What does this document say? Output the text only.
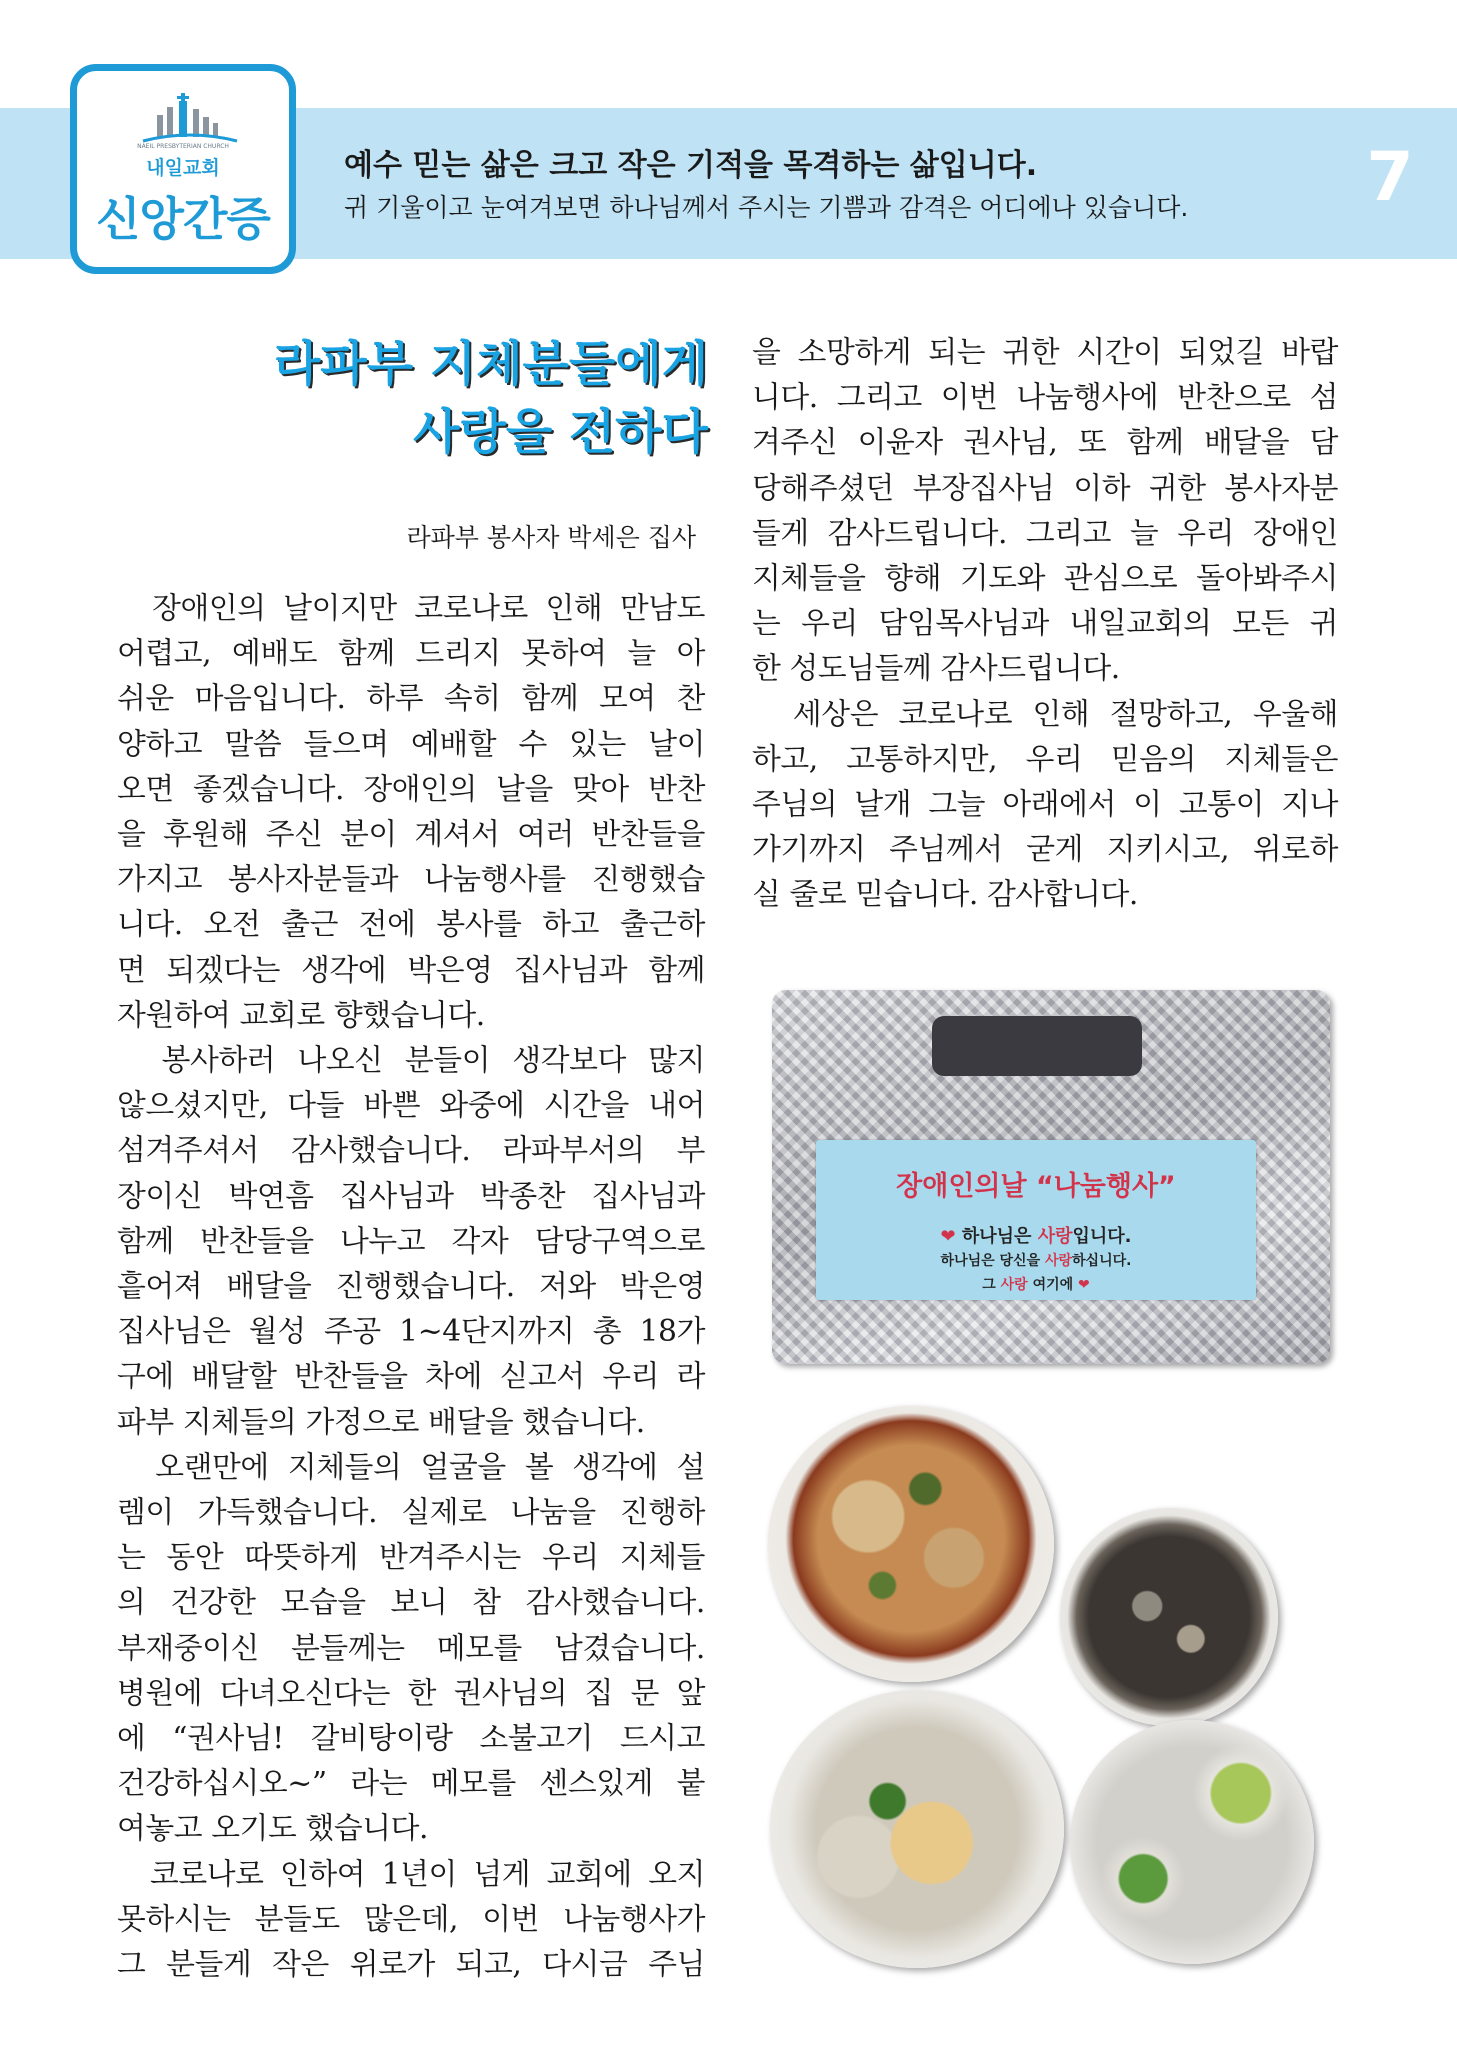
NAEIL PRESBYTERIAN CHURCH
내일교회
신앙간증
예수 믿는 삶은 크고 작은 기적을 목격하는 삶입니다.
귀 기울이고 눈여겨보면 하나님께서 주시는 기쁨과 감격은 어디에나 있습니다.	7
라파부 지체분들에게
사랑을 전하다
라파부 봉사자 박세은 집사

장애인의 날이지만 코로나로 인해 만남도

어렵고, 예배도 함께 드리지 못하여 늘 아

쉬운 마음입니다. 하루 속히 함께 모여 찬

양하고 말씀 들으며 예배할 수 있는 날이

오면 좋겠습니다. 장애인의 날을 맞아 반찬

을 후원해 주신 분이 계셔서 여러 반찬들을

가지고 봉사자분들과 나눔행사를 진행했습

니다. 오전 출근 전에 봉사를 하고 출근하

면 되겠다는 생각에 박은영 집사님과 함께

자원하여 교회로 향했습니다.

봉사하러 나오신 분들이 생각보다 많지

않으셨지만, 다들 바쁜 와중에 시간을 내어

섬겨주셔서 감사했습니다. 라파부서의 부

장이신 박연흠 집사님과 박종찬 집사님과

함께 반찬들을 나누고 각자 담당구역으로

흩어져 배달을 진행했습니다. 저와 박은영

집사님은 월성 주공 1~4단지까지 총 18가

구에 배달할 반찬들을 차에 싣고서 우리 라

파부 지체들의 가정으로 배달을 했습니다.

오랜만에 지체들의 얼굴을 볼 생각에 설

렘이 가득했습니다. 실제로 나눔을 진행하

는 동안 따뜻하게 반겨주시는 우리 지체들

의 건강한 모습을 보니 참 감사했습니다.

부재중이신 분들께는 메모를 남겼습니다.

병원에 다녀오신다는 한 권사님의 집 문 앞

에 “권사님! 갈비탕이랑 소불고기 드시고

건강하십시오~” 라는 메모를 센스있게 붙

여놓고 오기도 했습니다.

코로나로 인하여 1년이 넘게 교회에 오지

못하시는 분들도 많은데, 이번 나눔행사가

그 분들게 작은 위로가 되고, 다시금 주님

을 소망하게 되는 귀한 시간이 되었길 바랍

니다. 그리고 이번 나눔행사에 반찬으로 섬

겨주신 이윤자 권사님, 또 함께 배달을 담

당해주셨던 부장집사님 이하 귀한 봉사자분

들게 감사드립니다. 그리고 늘 우리 장애인

지체들을 향해 기도와 관심으로 돌아봐주시

는 우리 담임목사님과 내일교회의 모든 귀

한 성도님들께 감사드립니다.

세상은 코로나로 인해 절망하고, 우울해

하고, 고통하지만, 우리 믿음의 지체들은

주님의 날개 그늘 아래에서 이 고통이 지나

가기까지 주님께서 굳게 지키시고, 위로하

실 줄로 믿습니다. 감사합니다.

장애인의날 “나눔행사”
❤ 하나님은 사랑입니다.
하나님은 당신을 사랑하십니다.
그 사랑 여기에 ❤
